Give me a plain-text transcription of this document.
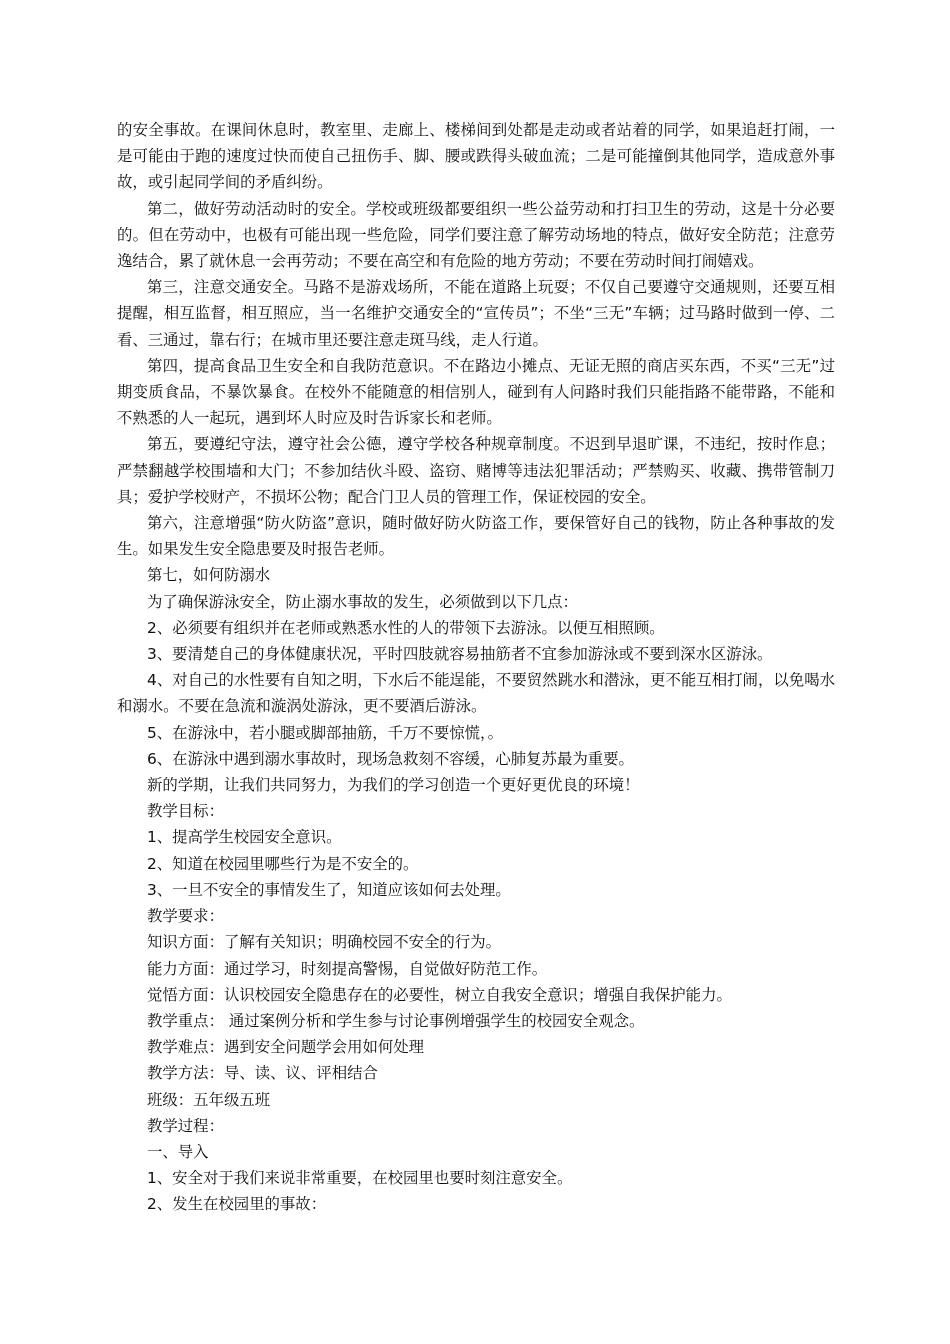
的安全事故。在课间休息时，教室里、走廊上、楼梯间到处都是走动或者站着的同学，如果追赶打闹，一是可能由于跑的速度过快而使自己扭伤手、脚、腰或跌得头破血流；二是可能撞倒其他同学，造成意外事故，或引起同学间的矛盾纠纷。

第二，做好劳动活动时的安全。学校或班级都要组织一些公益劳动和打扫卫生的劳动，这是十分必要的。但在劳动中，也极有可能出现一些危险，同学们要注意了解劳动场地的特点，做好安全防范；注意劳逸结合，累了就休息一会再劳动；不要在高空和有危险的地方劳动；不要在劳动时间打闹嬉戏。

第三，注意交通安全。马路不是游戏场所，不能在道路上玩耍；不仅自己要遵守交通规则，还要互相提醒，相互监督，相互照应，当一名维护交通安全的“宣传员”；不坐“三无”车辆；过马路时做到一停、二看、三通过，靠右行；在城市里还要注意走斑马线，走人行道。

第四，提高食品卫生安全和自我防范意识。不在路边小摊点、无证无照的商店买东西，不买“三无”过期变质食品，不暴饮暴食。在校外不能随意的相信别人，碰到有人问路时我们只能指路不能带路，不能和不熟悉的人一起玩，遇到坏人时应及时告诉家长和老师。

第五，要遵纪守法，遵守社会公德，遵守学校各种规章制度。不迟到早退旷课，不违纪，按时作息；严禁翻越学校围墙和大门；不参加结伙斗殴、盗窃、赌博等违法犯罪活动；严禁购买、收藏、携带管制刀具；爱护学校财产，不损坏公物；配合门卫人员的管理工作，保证校园的安全。

第六，注意增强“防火防盗”意识，随时做好防火防盗工作，要保管好自己的钱物，防止各种事故的发生。如果发生安全隐患要及时报告老师。

第七，如何防溺水

为了确保游泳安全，防止溺水事故的发生，必须做到以下几点：

2、必须要有组织并在老师或熟悉水性的人的带领下去游泳。以便互相照顾。

3、要清楚自己的身体健康状况，平时四肢就容易抽筋者不宜参加游泳或不要到深水区游泳。

4、对自己的水性要有自知之明，下水后不能逞能，不要贸然跳水和潜泳，更不能互相打闹，以免喝水和溺水。不要在急流和漩涡处游泳，更不要酒后游泳。

5、在游泳中，若小腿或脚部抽筋，千万不要惊慌，。

6、在游泳中遇到溺水事故时，现场急救刻不容缓，心肺复苏最为重要。

新的学期，让我们共同努力，为我们的学习创造一个更好更优良的环境！

教学目标：

1、提高学生校园安全意识。

2、知道在校园里哪些行为是不安全的。

3、一旦不安全的事情发生了，知道应该如何去处理。

教学要求：

知识方面：了解有关知识；明确校园不安全的行为。

能力方面：通过学习，时刻提高警惕，自觉做好防范工作。

觉悟方面：认识校园安全隐患存在的必要性，树立自我安全意识；增强自我保护能力。

教学重点： 通过案例分析和学生参与讨论事例增强学生的校园安全观念。

教学难点：遇到安全问题学会用如何处理

教学方法：导、读、议、评相结合

班级：五年级五班

教学过程：

一、导入

1、安全对于我们来说非常重要，在校园里也要时刻注意安全。

2、发生在校园里的事故：
